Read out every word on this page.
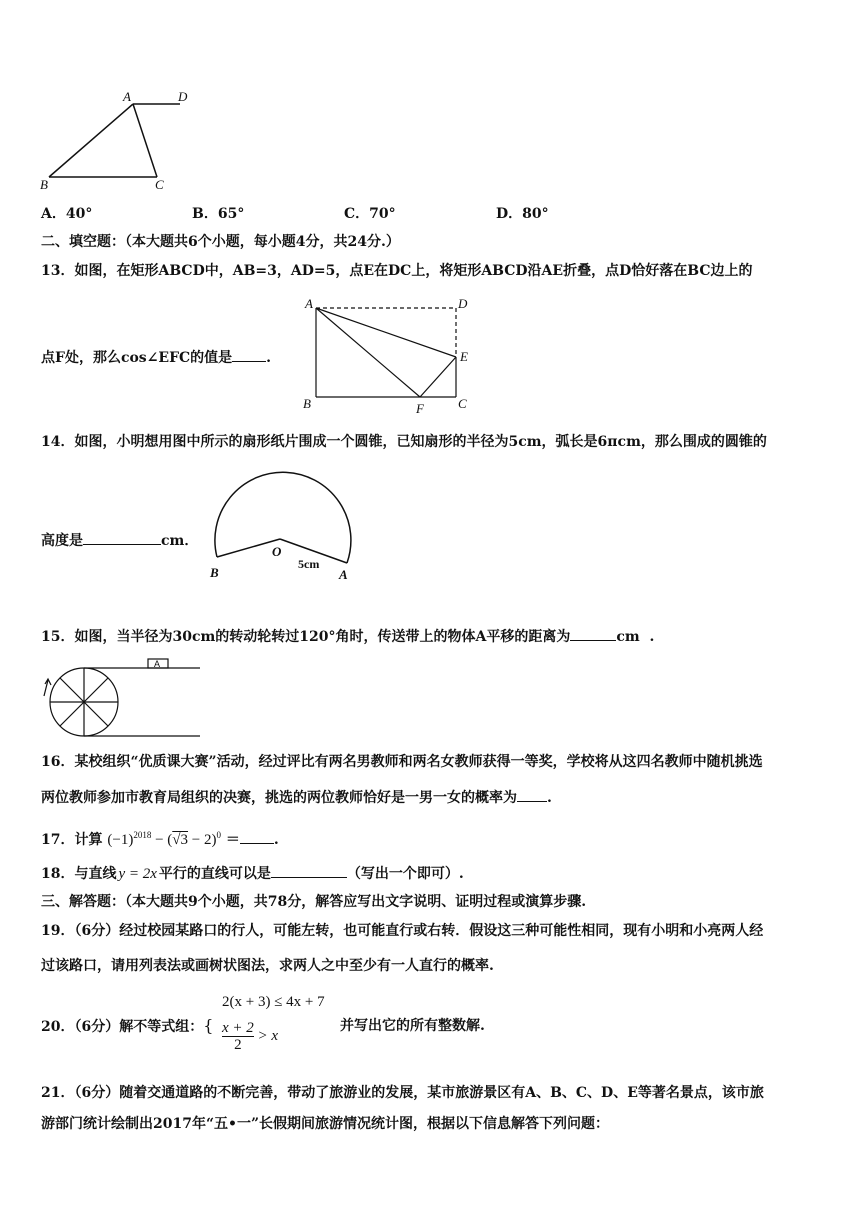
A	D
B	C
A	D
E
B	F	C
O
B	A
5cm
A
A．40°	B．65°	C．70°	D．80°
二、填空题：（本大题共6个小题，每小题4分，共24分.）
13．如图，在矩形ABCD中，AB=3，AD=5，点E在DC上，将矩形ABCD沿AE折叠，点D恰好落在BC边上的
点F处，那么cos∠EFC的值是 .
14．如图，小明想用图中所示的扇形纸片围成一个圆锥，已知扇形的半径为5cm，弧长是6πcm，那么围成的圆锥的
高度是	cm．
15．如图，当半径为30cm的转动轮转过120°角时，传送带上的物体A平移的距离为	cm .
16．某校组织“优质课大赛”活动，经过评比有两名男教师和两名女教师获得一等奖，学校将从这四名教师中随机挑选
两位教师参加市教育局组织的决赛，挑选的两位教师恰好是一男一女的概率为 .
17．计算 $(-1)^{2018} - (√3 - 2)^0$ ＝ .
18．与直线 y = 2x 平行的直线可以是	（写出一个即可）.
三、解答题：（本大题共9个小题，共78分，解答应写出文字说明、证明过程或演算步骤.
19．（6分）经过校园某路口的行人，可能左转，也可能直行或右转．假设这三种可能性相同，现有小明和小亮两人经
过该路口，请用列表法或画树状图法，求两人之中至少有一人直行的概率.
20．（6分）解不等式组：{
2(x + 3) ≤ 4x + 7
$\frac{x + 2}{2} > x$
并写出它的所有整数解.
21．（6分）随着交通道路的不断完善，带动了旅游业的发展，某市旅游景区有A、B、C、D、E等著名景点，该市旅
游部门统计绘制出2017年“五•一”长假期间旅游情况统计图，根据以下信息解答下列问题：
